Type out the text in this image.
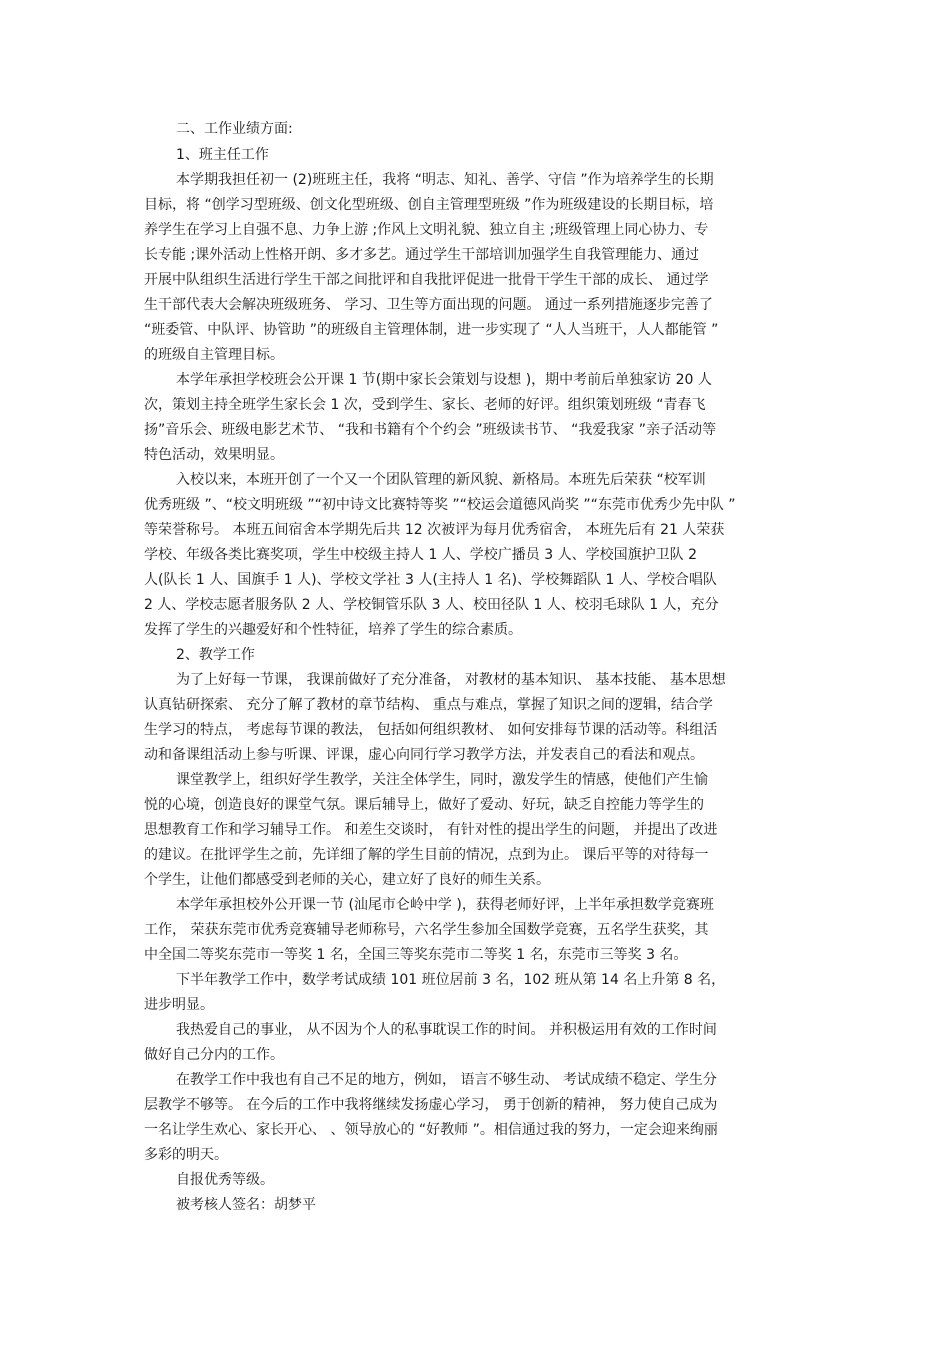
二、工作业绩方面:

1、班主任工作

本学期我担任初一 (2)班班主任，我将 “明志、知礼、善学、守信 ”作为培养学生的长期

目标，将 “创学习型班级、创文化型班级、创自主管理型班级 ”作为班级建设的长期目标，培

养学生在学习上自强不息、力争上游 ;作风上文明礼貌、独立自主 ;班级管理上同心协力、专

长专能 ;课外活动上性格开朗、多才多艺。通过学生干部培训加强学生自我管理能力、通过

开展中队组织生活进行学生干部之间批评和自我批评促进一批骨干学生干部的成长、 通过学

生干部代表大会解决班级班务、 学习、卫生等方面出现的问题。 通过一系列措施逐步完善了

“班委管、中队评、协管助 ”的班级自主管理体制，进一步实现了 “人人当班干，人人都能管 ”

的班级自主管理目标。

本学年承担学校班会公开课 1 节(期中家长会策划与设想 )，期中考前后单独家访 20 人

次，策划主持全班学生家长会 1 次，受到学生、家长、老师的好评。组织策划班级 “青春飞

扬”音乐会、班级电影艺术节、 “我和书籍有个个约会 ”班级读书节、 “我爱我家 ”亲子活动等

特色活动，效果明显。

入校以来，本班开创了一个又一个团队管理的新风貌、新格局。本班先后荣获 “校军训

优秀班级 ”、“校文明班级 ”“初中诗文比赛特等奖 ”“校运会道德风尚奖 ”“东莞市优秀少先中队 ”

等荣誉称号。 本班五间宿舍本学期先后共 12 次被评为每月优秀宿舍， 本班先后有 21 人荣获

学校、年级各类比赛奖项，学生中校级主持人 1 人、学校广播员 3 人、学校国旗护卫队 2

人(队长 1 人、国旗手 1 人)、学校文学社 3 人(主持人 1 名)、学校舞蹈队 1 人、学校合唱队

2 人、学校志愿者服务队 2 人、学校铜管乐队 3 人、校田径队 1 人、校羽毛球队 1 人，充分

发挥了学生的兴趣爱好和个性特征，培养了学生的综合素质。

2、教学工作

为了上好每一节课， 我课前做好了充分准备， 对教材的基本知识、 基本技能、 基本思想

认真钻研探索、 充分了解了教材的章节结构、 重点与难点，掌握了知识之间的逻辑，结合学

生学习的特点， 考虑每节课的教法， 包括如何组织教材、 如何安排每节课的活动等。科组活

动和备课组活动上参与听课、评课，虚心向同行学习教学方法，并发表自己的看法和观点。

课堂教学上，组织好学生教学，关注全体学生，同时，激发学生的情感，使他们产生愉

悦的心境，创造良好的课堂气氛。课后辅导上，做好了爱动、好玩，缺乏自控能力等学生的

思想教育工作和学习辅导工作。 和差生交谈时， 有针对性的提出学生的问题， 并提出了改进

的建议。在批评学生之前，先详细了解的学生目前的情况，点到为止。 课后平等的对待每一

个学生，让他们都感受到老师的关心，建立好了良好的师生关系。

本学年承担校外公开课一节 (汕尾市仑岭中学 )，获得老师好评，上半年承担数学竞赛班

工作， 荣获东莞市优秀竞赛辅导老师称号，六名学生参加全国数学竞赛，五名学生获奖，其

中全国二等奖东莞市一等奖 1 名，全国三等奖东莞市二等奖 1 名，东莞市三等奖 3 名。

下半年教学工作中，数学考试成绩 101 班位居前 3 名，102 班从第 14 名上升第 8 名，

进步明显。

我热爱自己的事业， 从不因为个人的私事耽误工作的时间。 并积极运用有效的工作时间

做好自己分内的工作。

在教学工作中我也有自己不足的地方，例如， 语言不够生动、 考试成绩不稳定、学生分

层教学不够等。 在今后的工作中我将继续发扬虚心学习， 勇于创新的精神， 努力使自己成为

一名让学生欢心、家长开心、 、领导放心的 “好教师 ”。相信通过我的努力，一定会迎来绚丽

多彩的明天。

自报优秀等级。

被考核人签名：胡梦平
